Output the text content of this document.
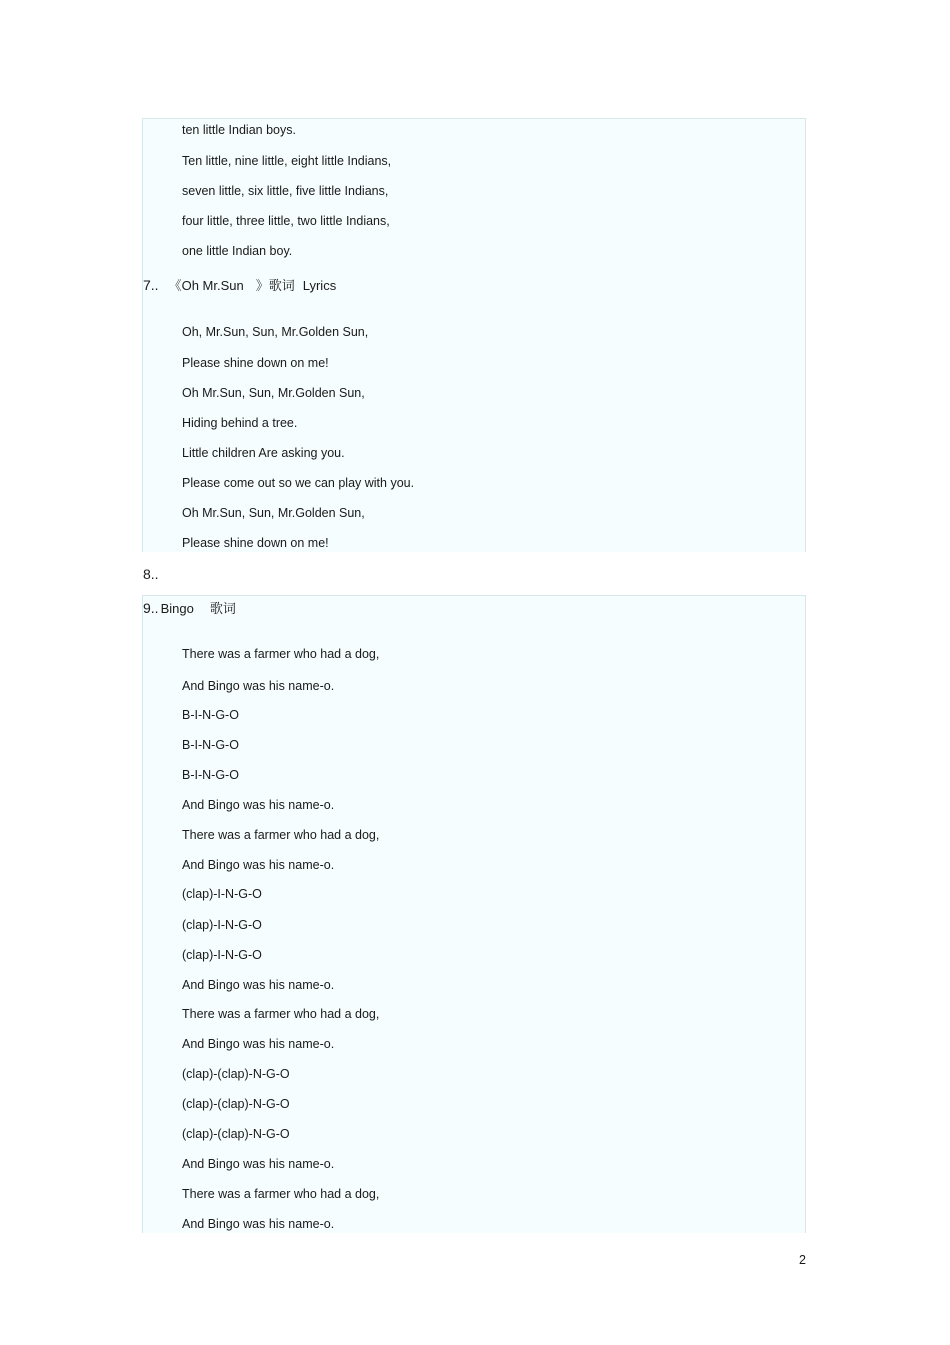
ten little Indian boys.
Ten little, nine little, eight little Indians,
seven little, six little, five little Indians,
four little, three little, two little Indians,
one little Indian boy.
7.. 《Oh Mr.Sun 》歌词 Lyrics
Oh, Mr.Sun, Sun, Mr.Golden Sun,
Please shine down on me!
Oh Mr.Sun, Sun, Mr.Golden Sun,
Hiding behind a tree.
Little children Are asking you.
Please come out so we can play with you.
Oh Mr.Sun, Sun, Mr.Golden Sun,
Please shine down on me!
8..
9.. Bingo 歌词
There was a farmer who had a dog,
And Bingo was his name-o.
B-I-N-G-O
B-I-N-G-O
B-I-N-G-O
And Bingo was his name-o.
There was a farmer who had a dog,
And Bingo was his name-o.
(clap)-I-N-G-O
(clap)-I-N-G-O
(clap)-I-N-G-O
And Bingo was his name-o.
There was a farmer who had a dog,
And Bingo was his name-o.
(clap)-(clap)-N-G-O
(clap)-(clap)-N-G-O
(clap)-(clap)-N-G-O
And Bingo was his name-o.
There was a farmer who had a dog,
And Bingo was his name-o.
2
